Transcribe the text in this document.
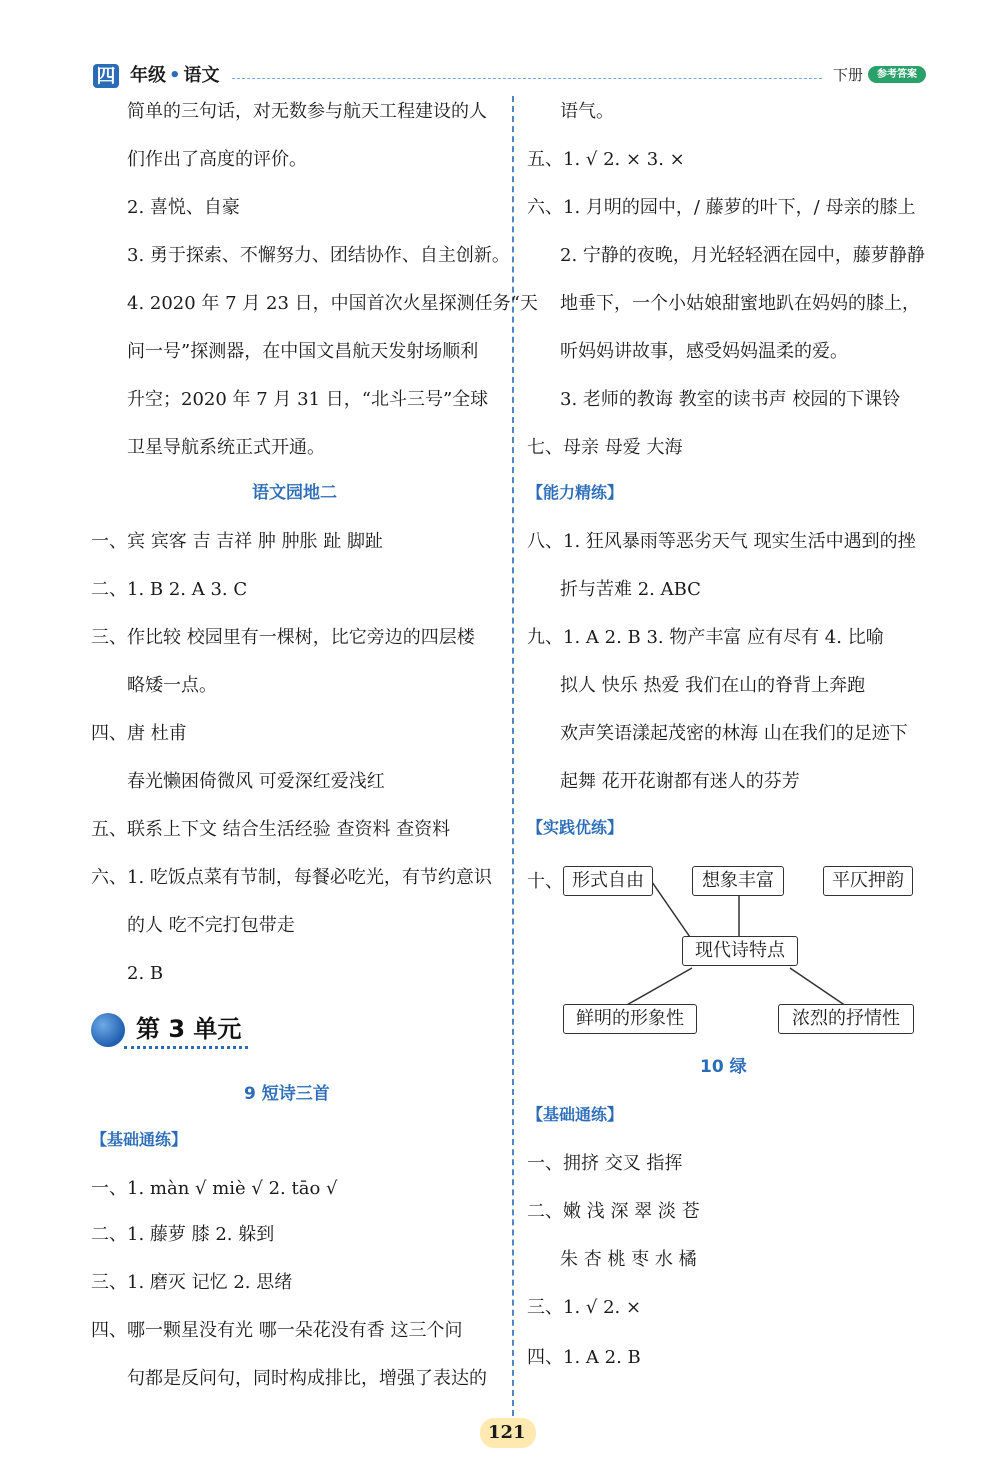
四 年级 • 语文	下册	参考答案
简单的三句话，对无数参与航天工程建设的人
们作出了高度的评价。
2. 喜悦、自豪
3. 勇于探索、不懈努力、团结协作、自主创新。
4. 2020 年 7 月 23 日，中国首次火星探测任务“天
问一号”探测器，在中国文昌航天发射场顺利
升空；2020 年 7 月 31 日，“北斗三号”全球
卫星导航系统正式开通。
语文园地二
一、宾 宾客 吉 吉祥 肿 肿胀 趾 脚趾
二、1. B 2. A 3. C
三、作比较 校园里有一棵树，比它旁边的四层楼
略矮一点。
四、唐 杜甫
春光懒困倚微风 可爱深红爱浅红
五、联系上下文 结合生活经验 查资料 查资料
六、1. 吃饭点菜有节制，每餐必吃光，有节约意识
的人 吃不完打包带走
2. B
第 3 单元
9 短诗三首
【基础通练】
一、1. màn √ miè √ 2. tāo √
二、1. 藤萝 膝 2. 躲到
三、1. 磨灭 记忆 2. 思绪
四、哪一颗星没有光 哪一朵花没有香 这三个问
句都是反问句，同时构成排比，增强了表达的
语气。
五、1. √ 2. × 3. ×
六、1. 月明的园中，/ 藤萝的叶下，/ 母亲的膝上
2. 宁静的夜晚，月光轻轻洒在园中，藤萝静静
地垂下，一个小姑娘甜蜜地趴在妈妈的膝上，
听妈妈讲故事，感受妈妈温柔的爱。
3. 老师的教诲 教室的读书声 校园的下课铃
七、母亲 母爱 大海
【能力精练】
八、1. 狂风暴雨等恶劣天气 现实生活中遇到的挫
折与苦难 2. ABC
九、1. A 2. B 3. 物产丰富 应有尽有 4. 比喻
拟人 快乐 热爱 我们在山的脊背上奔跑
欢声笑语漾起茂密的林海 山在我们的足迹下
起舞 花开花谢都有迷人的芬芳
【实践优练】
十、 形式自由	想象丰富	平仄押韵
现代诗特点
鲜明的形象性	浓烈的抒情性
10 绿
【基础通练】
一、拥挤 交叉 指挥
二、嫩 浅 深 翠 淡 苍
朱 杏 桃 枣 水 橘
三、1. √ 2. ×
四、1. A 2. B
121
